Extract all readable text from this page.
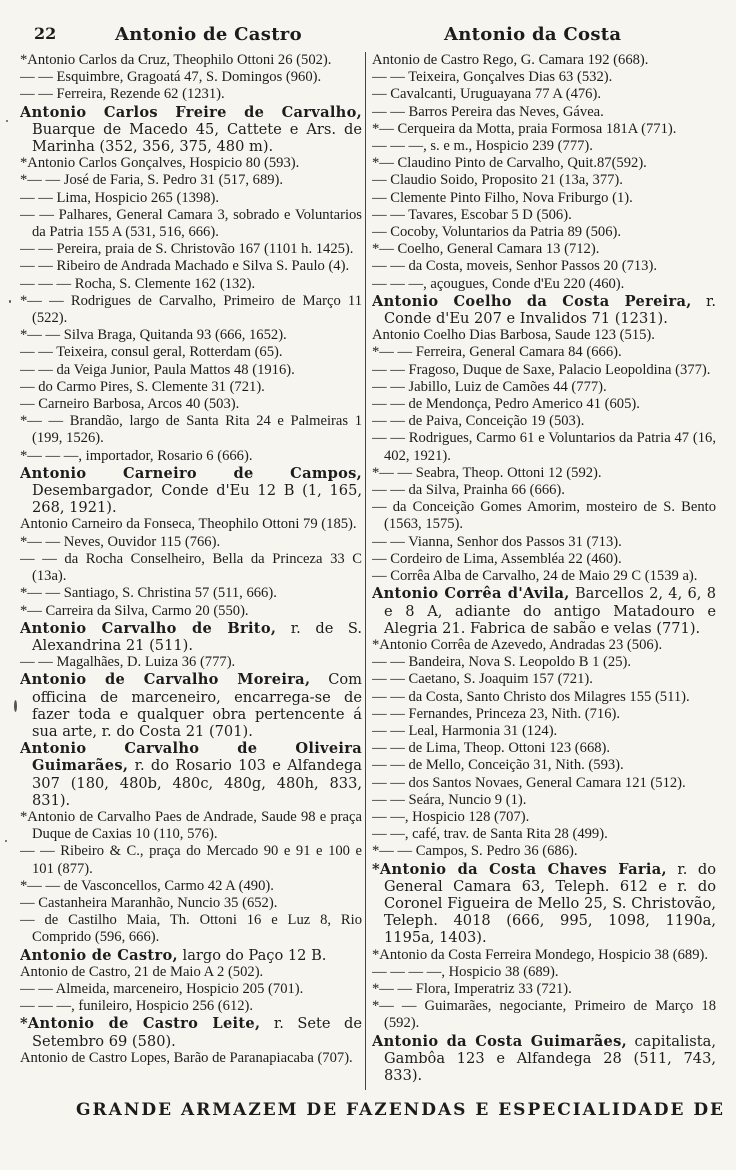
22	Antonio de Castro	Antonio da Costa
*Antonio Carlos da Cruz, Theophilo Ottoni 26 (502).
— — Esquimbre, Gragoatá 47, S. Domingos (960).
— — Ferreira, Rezende 62 (1231).
Antonio Carlos Freire de Carvalho, Buarque de Macedo 45, Cattete e Ars. de Marinha (352, 356, 375, 480 m).
*Antonio Carlos Gonçalves, Hospicio 80 (593).
*— — José de Faria, S. Pedro 31 (517, 689).
— — Lima, Hospicio 265 (1398).
— — Palhares, General Camara 3, sobrado e Voluntarios da Patria 155 A (531, 516, 666).
— — Pereira, praia de S. Christovão 167 (1101 h. 1425).
— — Ribeiro de Andrada Machado e Silva S. Paulo (4).
— — — Rocha, S. Clemente 162 (132).
*— — Rodrigues de Carvalho, Primeiro de Março 11 (522).
*— — Silva Braga, Quitanda 93 (666, 1652).
— — Teixeira, consul geral, Rotterdam (65).
— — da Veiga Junior, Paula Mattos 48 (1916).
— do Carmo Pires, S. Clemente 31 (721).
— Carneiro Barbosa, Arcos 40 (503).
*— — Brandão, largo de Santa Rita 24 e Palmeiras 1 (199, 1526).
*— — —, importador, Rosario 6 (666).
Antonio Carneiro de Campos, Desembargador, Conde d'Eu 12 B (1, 165, 268, 1921).
Antonio Carneiro da Fonseca, Theophilo Ottoni 79 (185).
*— — Neves, Ouvidor 115 (766).
— — da Rocha Conselheiro, Bella da Princeza 33 C (13a).
*— — Santiago, S. Christina 57 (511, 666).
*— Carreira da Silva, Carmo 20 (550).
Antonio Carvalho de Brito, r. de S. Alexandrina 21 (511).
— — Magalhães, D. Luiza 36 (777).
Antonio de Carvalho Moreira, Com officina de marceneiro, encarrega-se de fazer toda e qualquer obra pertencente á sua arte, r. do Costa 21 (701).
Antonio Carvalho de Oliveira Guimarães, r. do Rosario 103 e Alfandega 307 (180, 480b, 480c, 480g, 480h, 833, 831).
*Antonio de Carvalho Paes de Andrade, Saude 98 e praça Duque de Caxias 10 (110, 576).
— — Ribeiro & C., praça do Mercado 90 e 91 e 100 e 101 (877).
*— — de Vasconcellos, Carmo 42 A (490).
— Castanheira Maranhão, Nuncio 35 (652).
— de Castilho Maia, Th. Ottoni 16 e Luz 8, Rio Comprido (596, 666).
Antonio de Castro, largo do Paço 12 B.
Antonio de Castro, 21 de Maio A 2 (502).
— — Almeida, marceneiro, Hospicio 205 (701).
— — —, funileiro, Hospicio 256 (612).
*Antonio de Castro Leite, r. Sete de Setembro 69 (580).
Antonio de Castro Lopes, Barão de Paranapiacaba (707).
Antonio de Castro Rego, G. Camara 192 (668).
— — Teixeira, Gonçalves Dias 63 (532).
— Cavalcanti, Uruguayana 77 A (476).
— — Barros Pereira das Neves, Gávea.
*— Cerqueira da Motta, praia Formosa 181A (771).
— — —, s. e m., Hospicio 239 (777).
*— Claudino Pinto de Carvalho, Quit.87(592).
— Claudio Soido, Proposito 21 (13a, 377).
— Clemente Pinto Filho, Nova Friburgo (1).
— — Tavares, Escobar 5 D (506).
— Cocoby, Voluntarios da Patria 89 (506).
*— Coelho, General Camara 13 (712).
— — da Costa, moveis, Senhor Passos 20 (713).
— — —, açougues, Conde d'Eu 220 (460).
Antonio Coelho da Costa Pereira, r. Conde d'Eu 207 e Invalidos 71 (1231).
Antonio Coelho Dias Barbosa, Saude 123 (515).
*— — Ferreira, General Camara 84 (666).
— — Fragoso, Duque de Saxe, Palacio Leopoldina (377).
— — Jabillo, Luiz de Camões 44 (777).
— — de Mendonça, Pedro Americo 41 (605).
— — de Paiva, Conceição 19 (503).
— — Rodrigues, Carmo 61 e Voluntarios da Patria 47 (16, 402, 1921).
*— — Seabra, Theop. Ottoni 12 (592).
— — da Silva, Prainha 66 (666).
— da Conceição Gomes Amorim, mosteiro de S. Bento (1563, 1575).
— — Vianna, Senhor dos Passos 31 (713).
— Cordeiro de Lima, Assembléa 22 (460).
— Corrêa Alba de Carvalho, 24 de Maio 29 C (1539 a).
Antonio Corrêa d'Avila, Barcellos 2, 4, 6, 8 e 8 A, adiante do antigo Matadouro e Alegria 21. Fabrica de sabão e velas (771).
*Antonio Corrêa de Azevedo, Andradas 23 (506).
— — Bandeira, Nova S. Leopoldo B 1 (25).
— — Caetano, S. Joaquim 157 (721).
— — da Costa, Santo Christo dos Milagres 155 (511).
— — Fernandes, Princeza 23, Nith. (716).
— — Leal, Harmonia 31 (124).
— — de Lima, Theop. Ottoni 123 (668).
— — de Mello, Conceição 31, Nith. (593).
— — dos Santos Novaes, General Camara 121 (512).
— — Seára, Nuncio 9 (1).
— —, Hospicio 128 (707).
— —, café, trav. de Santa Rita 28 (499).
*— — Campos, S. Pedro 36 (686).
*Antonio da Costa Chaves Faria, r. do General Camara 63, Teleph. 612 e r. do Coronel Figueira de Mello 25, S. Christovão, Teleph. 4018 (666, 995, 1098, 1190a, 1195a, 1403).
*Antonio da Costa Ferreira Mondego, Hospicio 38 (689).
— — — —, Hospicio 38 (689).
*— — Flora, Imperatriz 33 (721).
*— — Guimarães, negociante, Primeiro de Março 18 (592).
Antonio da Costa Guimarães, capitalista, Gambôa 123 e Alfandega 28 (511, 743, 833).
GRANDE ARMAZEM DE FAZENDAS E ESPECIALIDADE DE
